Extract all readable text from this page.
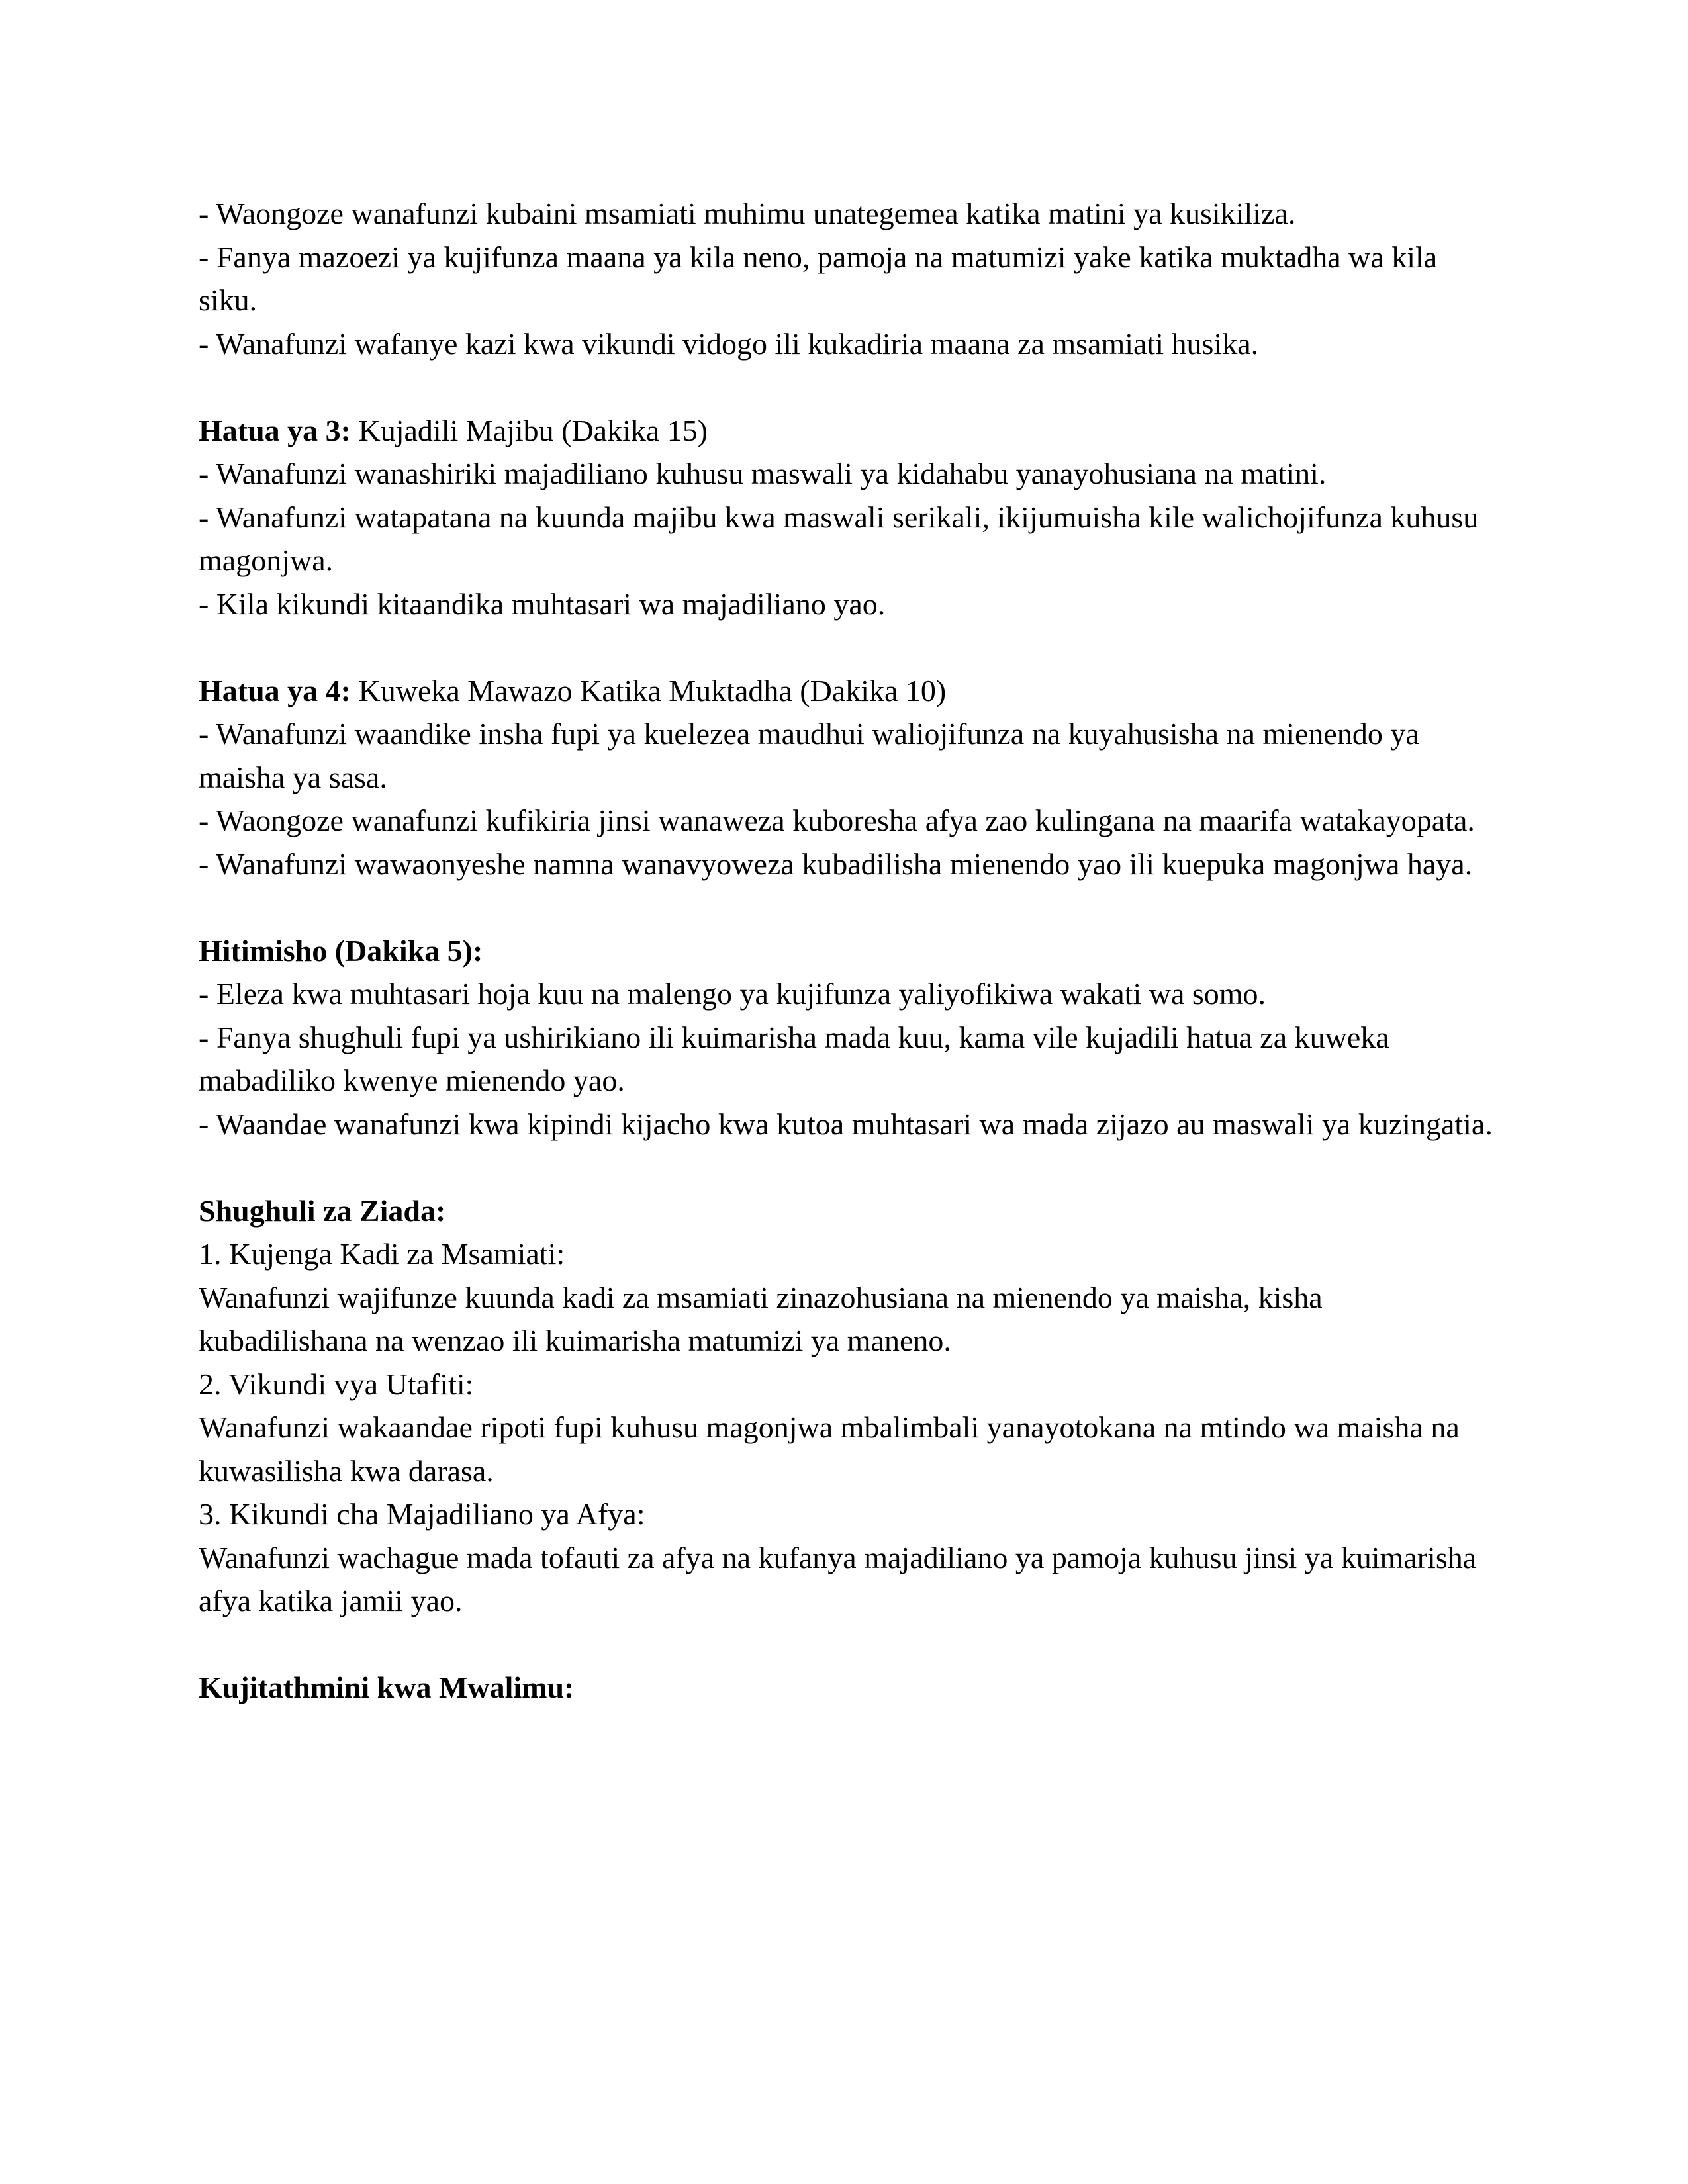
- Waongoze wanafunzi kubaini msamiati muhimu unategemea katika matini ya kusikiliza.

- Fanya mazoezi ya kujifunza maana ya kila neno, pamoja na matumizi yake katika muktadha wa kila siku.

- Wanafunzi wafanye kazi kwa vikundi vidogo ili kukadiria maana za msamiati husika.

Hatua ya 3: Kujadili Majibu (Dakika 15)

- Wanafunzi wanashiriki majadiliano kuhusu maswali ya kidahabu yanayohusiana na matini.

- Wanafunzi watapatana na kuunda majibu kwa maswali serikali, ikijumuisha kile walichojifunza kuhusu magonjwa.

- Kila kikundi kitaandika muhtasari wa majadiliano yao.

Hatua ya 4: Kuweka Mawazo Katika Muktadha (Dakika 10)

- Wanafunzi waandike insha fupi ya kuelezea maudhui waliojifunza na kuyahusisha na mienendo ya maisha ya sasa.

- Waongoze wanafunzi kufikiria jinsi wanaweza kuboresha afya zao kulingana na maarifa watakayopata.

- Wanafunzi wawaonyeshe namna wanavyoweza kubadilisha mienendo yao ili kuepuka magonjwa haya.

Hitimisho (Dakika 5):

- Eleza kwa muhtasari hoja kuu na malengo ya kujifunza yaliyofikiwa wakati wa somo.

- Fanya shughuli fupi ya ushirikiano ili kuimarisha mada kuu, kama vile kujadili hatua za kuweka mabadiliko kwenye mienendo yao.

- Waandae wanafunzi kwa kipindi kijacho kwa kutoa muhtasari wa mada zijazo au maswali ya kuzingatia.

Shughuli za Ziada:

1. Kujenga Kadi za Msamiati:

Wanafunzi wajifunze kuunda kadi za msamiati zinazohusiana na mienendo ya maisha, kisha kubadilishana na wenzao ili kuimarisha matumizi ya maneno.

2. Vikundi vya Utafiti:

Wanafunzi wakaandae ripoti fupi kuhusu magonjwa mbalimbali yanayotokana na mtindo wa maisha na kuwasilisha kwa darasa.

3. Kikundi cha Majadiliano ya Afya:

Wanafunzi wachague mada tofauti za afya na kufanya majadiliano ya pamoja kuhusu jinsi ya kuimarisha afya katika jamii yao.

Kujitathmini kwa Mwalimu:
